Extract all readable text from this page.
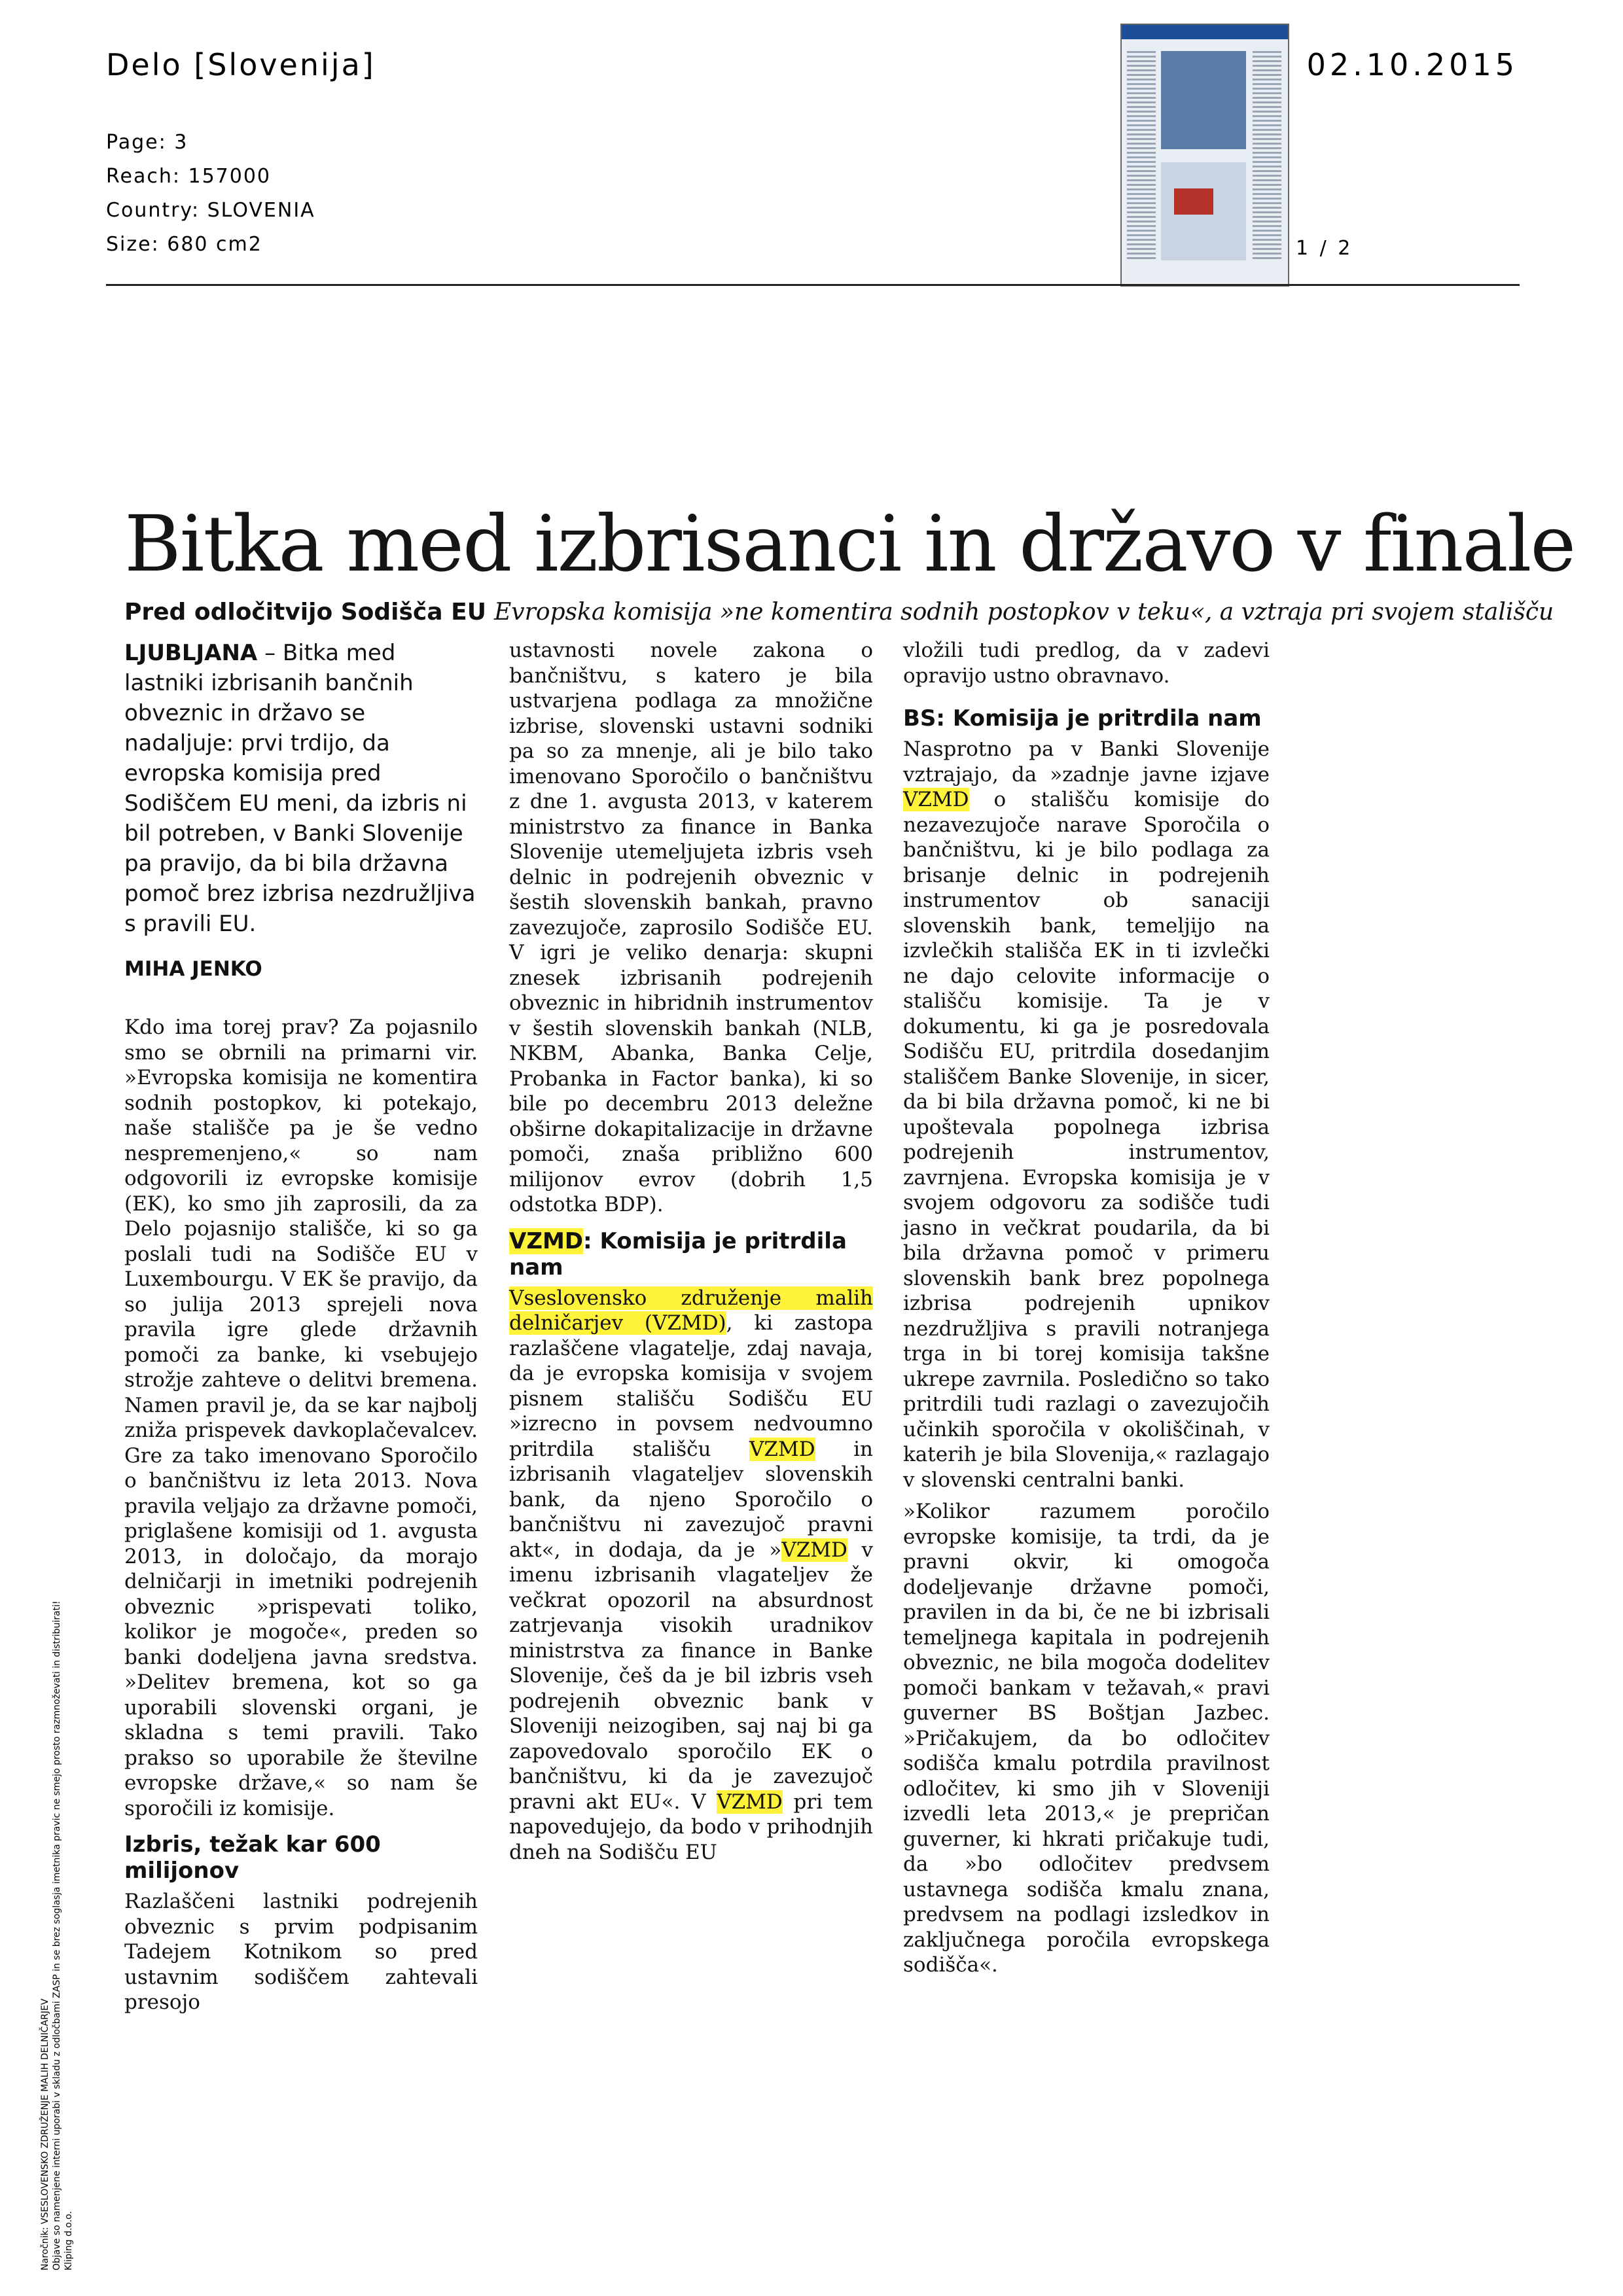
Delo [Slovenija]	02.10.2015
Page: 3
Reach: 157000
Country: SLOVENIA
Size: 680 cm2	1 / 2
Bitka med izbrisanci in državo v finale
Pred odločitvijo Sodišča EU Evropska komisija »ne komentira sodnih postopkov v teku«, a vztraja pri svojem stališču
LJUBLJANA – Bitka med lastniki izbrisanih bančnih obveznic in državo se nadaljuje: prvi trdijo, da evropska komisija pred Sodiščem EU meni, da izbris ni bil potreben, v Banki Slovenije pa pravijo, da bi bila državna pomoč brez izbrisa nezdružljiva s pravili EU.
MIHA JENKO

Kdo ima torej prav? Za pojasnilo smo se obrnili na primarni vir. »Evropska komisija ne komentira sodnih postopkov, ki potekajo, naše stališče pa je še vedno nespremenjeno,« so nam odgovorili iz evropske komisije (EK), ko smo jih zaprosili, da za Delo pojasnijo stališče, ki so ga poslali tudi na Sodišče EU v Luxembourgu. V EK še pravijo, da so julija 2013 sprejeli nova pravila igre glede državnih pomoči za banke, ki vsebujejo strožje zahteve o delitvi bremena. Namen pravil je, da se kar najbolj zniža prispevek davkoplačevalcev. Gre za tako imenovano Sporočilo o bančništvu iz leta 2013. Nova pravila veljajo za državne pomoči, priglašene komisiji od 1. avgusta 2013, in določajo, da morajo delničarji in imetniki podrejenih obveznic »prispevati toliko, kolikor je mogoče«, preden so banki dodeljena javna sredstva. »Delitev bremena, kot so ga uporabili slovenski organi, je skladna s temi pravili. Tako prakso so uporabile že številne evropske države,« so nam še sporočili iz komisije.

Izbris, težak kar 600 milijonov

Razlaščeni lastniki podrejenih obveznic s prvim podpisanim Tadejem Kotnikom so pred ustavnim sodiščem zahtevali presojo

ustavnosti novele zakona o bančništvu, s katero je bila ustvarjena podlaga za množične izbrise, slovenski ustavni sodniki pa so za mnenje, ali je bilo tako imenovano Sporočilo o bančništvu z dne 1. avgusta 2013, v katerem ministrstvo za finance in Banka Slovenije utemeljujeta izbris vseh delnic in podrejenih obveznic v šestih slovenskih bankah, pravno zavezujoče, zaprosilo Sodišče EU. V igri je veliko denarja: skupni znesek izbrisanih podrejenih obveznic in hibridnih instrumentov v šestih slovenskih bankah (NLB, NKBM, Abanka, Banka Celje, Probanka in Factor banka), ki so bile po decembru 2013 deležne obširne dokapitalizacije in državne pomoči, znaša približno 600 milijonov evrov (dobrih 1,5 odstotka BDP).

VZMD: Komisija je pritrdila nam

Vseslovensko združenje malih delničarjev (VZMD), ki zastopa razlaščene vlagatelje, zdaj navaja, da je evropska komisija v svojem pisnem stališču Sodišču EU »izrecno in povsem nedvoumno pritrdila stališču VZMD in izbrisanih vlagateljev slovenskih bank, da njeno Sporočilo o bančništvu ni zavezujoč pravni akt«, in dodaja, da je »VZMD v imenu izbrisanih vlagateljev že večkrat opozoril na absurdnost zatrjevanja visokih uradnikov ministrstva za finance in Banke Slovenije, češ da je bil izbris vseh podrejenih obveznic bank v Sloveniji neizogiben, saj naj bi ga zapovedovalo sporočilo EK o bančništvu, ki da je zavezujoč pravni akt EU«. V VZMD pri tem napovedujejo, da bodo v prihodnjih dneh na Sodišču EU

vložili tudi predlog, da v zadevi opravijo ustno obravnavo.

BS: Komisija je pritrdila nam

Nasprotno pa v Banki Slovenije vztrajajo, da »zadnje javne izjave VZMD o stališču komisije do nezavezujoče narave Sporočila o bančništvu, ki je bilo podlaga za brisanje delnic in podrejenih instrumentov ob sanaciji slovenskih bank, temeljijo na izvlečkih stališča EK in ti izvlečki ne dajo celovite informacije o stališču komisije. Ta je v dokumentu, ki ga je posredovala Sodišču EU, pritrdila dosedanjim stališčem Banke Slovenije, in sicer, da bi bila državna pomoč, ki ne bi upoštevala popolnega izbrisa podrejenih instrumentov, zavrnjena. Evropska komisija je v svojem odgovoru za sodišče tudi jasno in večkrat poudarila, da bi bila državna pomoč v primeru slovenskih bank brez popolnega izbrisa podrejenih upnikov nezdružljiva s pravili notranjega trga in bi torej komisija takšne ukrepe zavrnila. Posledično so tako pritrdili tudi razlagi o zavezujočih učinkih sporočila v okoliščinah, v katerih je bila Slovenija,« razlagajo v slovenski centralni banki.

»Kolikor razumem poročilo evropske komisije, ta trdi, da je pravni okvir, ki omogoča dodeljevanje državne pomoči, pravilen in da bi, če ne bi izbrisali temeljnega kapitala in podrejenih obveznic, ne bila mogoča dodelitev pomoči bankam v težavah,« pravi guverner BS Boštjan Jazbec. »Pričakujem, da bo odločitev sodišča kmalu potrdila pravilnost odločitev, ki smo jih v Sloveniji izvedli leta 2013,« je prepričan guverner, ki hkrati pričakuje tudi, da »bo odločitev predvsem ustavnega sodišča kmalu znana, predvsem na podlagi izsledkov in zaključnega poročila evropskega sodišča«.

Naročnik: VSESLOVENSKO ZDRUŽENJE MALIH DELNIČARJEV Objave so namenjene interni uporabi v skladu z odločbami ZASP in se brez soglasja imetnika pravic ne smejo prosto razmnoževati in distribuirati! Kliping d.o.o.
